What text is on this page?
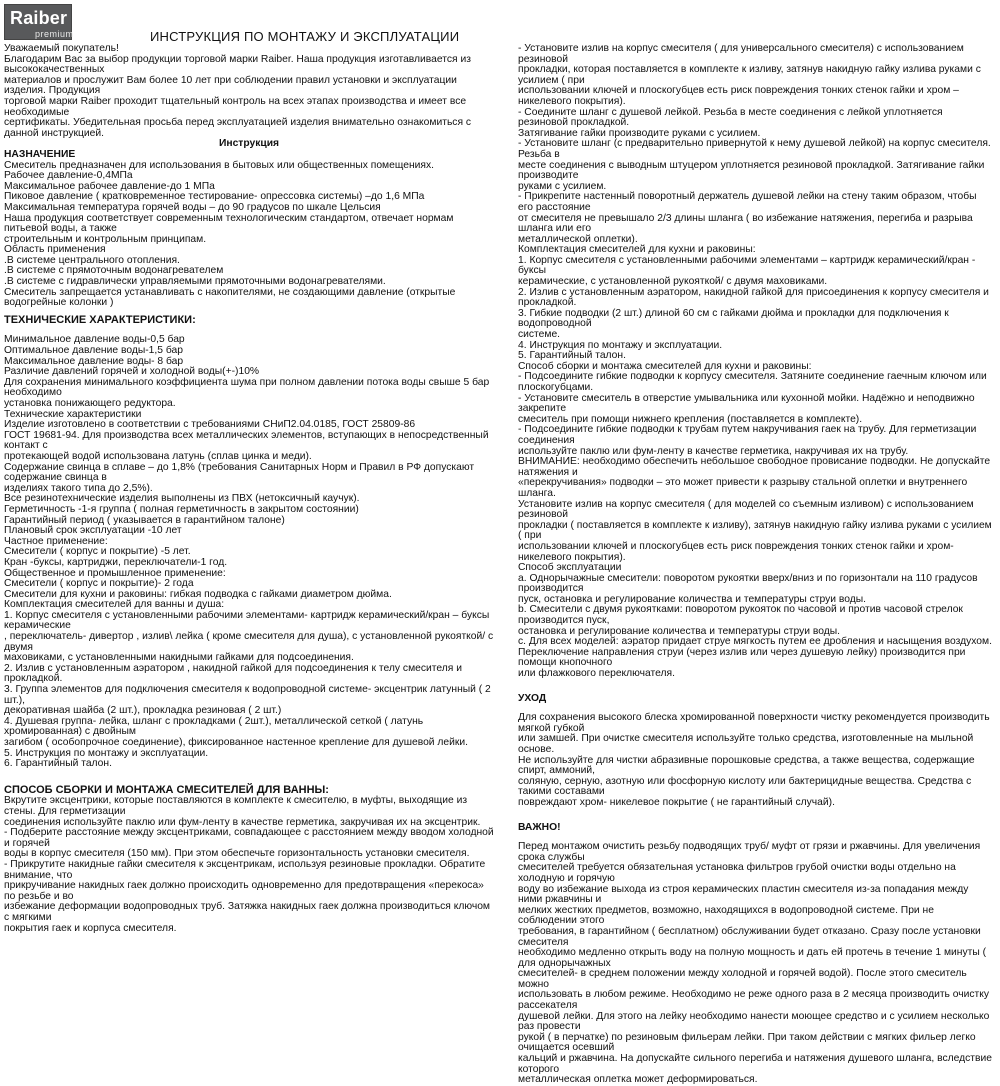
Raiber
premium	ИНСТРУКЦИЯ ПО МОНТАЖУ И ЭКСПЛУАТАЦИИ

Уважаемый покупатель!

Благодарим Вас за выбор продукции торговой марки Raiber. Наша продукция изготавливается из высококачественных

материалов и прослужит Вам более 10 лет при соблюдении правил установки и эксплуатации изделия. Продукция

торговой марки Raiber проходит тщательный контроль на всех этапах производства и имеет все необходимые

сертификаты. Убедительная просьба перед эксплуатацией изделия внимательно ознакомиться с данной инструкцией.

Инструкция

НАЗНАЧЕНИЕ

Смеситель предназначен для использования в бытовых или общественных помещениях.

Рабочее давление-0,4МПа

Максимальное рабочее давление-до 1 МПа

Пиковое давление ( кратковременное тестирование- опрессовка системы) –до 1,6 МПа

Максимальная температура горячей воды – до 90 градусов по шкале Цельсия

Наша продукция соответствует современным технологическим стандартом, отвечает нормам питьевой воды, а также

строительным и контрольным принципам.

Область применения

.В системе центрального отопления.

.В системе с прямоточным водонагревателем

.В системе с гидравлически управляемыми прямоточными водонагревателями.

Смеситель запрещается устанавливать с накопителями, не создающими давление (открытые водогрейные колонки )

ТЕХНИЧЕСКИЕ ХАРАКТЕРИСТИКИ:

Минимальное давление воды-0,5 бар

Оптимальное давление воды-1,5 бар

Максимальное давление воды- 8 бар

Различие давлений горячей и холодной воды(+-)10%

Для сохранения минимального коэффициента шума при полном давлении потока воды свыше 5 бар необходимо

установка понижающего редуктора.

Технические характеристики

Изделие изготовлено в соответствии с требованиями СНиП2.04.0185, ГОСТ 25809-86

ГОСТ 19681-94. Для производства всех металлических элементов, вступающих в непосредственный контакт с

протекающей водой использована латунь (сплав цинка и меди).

Содержание свинца в сплаве – до 1,8% (требования Санитарных Норм и Правил в РФ допускают содержание свинца в

изделиях такого типа до 2,5%).

Все резинотехнические изделия выполнены из ПВХ (нетоксичный каучук).

Герметичность -1-я группа ( полная герметичность в закрытом состоянии)

Гарантийный период ( указывается в гарантийном талоне)

Плановый срок эксплуатации -10 лет

Частное применение:

Смесители ( корпус и покрытие) -5 лет.

Кран -буксы, картриджи, переключатели-1 год.

Общественное и промышленное применение:

Смесители ( корпус и покрытие)- 2 года

Смесители для кухни и раковины: гибкая подводка с гайками диаметром дюйма.

Комплектация смесителей для ванны и душа:

1. Корпус смесителя с установленными рабочими элементами- картридж керамический/кран – буксы керамические

, переключатель- дивертор , излив\ лейка ( кроме смесителя для душа), с установленной рукояткой/ с двумя

маховиками, с установленными накидными гайками для подсоединения.

2. Излив с установленным аэратором , накидной гайкой для подсоединения к телу смесителя и прокладкой.

3. Группа элементов для подключения смесителя к водопроводной системе- эксцентрик латунный ( 2 шт.),

декоративная шайба (2 шт.), прокладка резиновая ( 2 шт.)

4. Душевая группа- лейка, шланг с прокладками ( 2шт.), металлической сеткой ( латунь хромированная) с двойным

загибом ( особопрочное соединение), фиксированное настенное крепление для душевой лейки.

5. Инструкция по монтажу и эксплуатации.

6. Гарантийный талон.

СПОСОБ СБОРКИ И МОНТАЖА СМЕСИТЕЛЕЙ ДЛЯ ВАННЫ:

Вкрутите эксцентрики, которые поставляются в комплекте к смесителю, в муфты, выходящие из стены. Для герметизации

соединения используйте паклю или фум-ленту в качестве герметика, закручивая их на эксцентрик.

- Подберите расстояние между эксцентриками, совпадающее с расстоянием между вводом холодной и горячей

воды в корпус смесителя (150 мм). При этом обеспечьте горизонтальность установки смесителя.

- Прикрутите накидные гайки смесителя к эксцентрикам, используя резиновые прокладки. Обратите внимание, что

прикручивание накидных гаек должно происходить одновременно для предотвращения «перекоса» по резьбе и во

избежание деформации водопроводных труб. Затяжка накидных гаек должна производиться ключом с мягкими

покрытия гаек и корпуса смесителя.

- Установите излив на корпус смесителя ( для универсального смесителя) с использованием резиновой

прокладки, которая поставляется в комплекте к изливу, затянув накидную гайку излива руками с усилием ( при

использовании ключей и плоскогубцев есть риск повреждения тонких стенок гайки и хром – никелевого покрытия).

- Соедините шланг с душевой лейкой. Резьба в месте соединения с лейкой уплотняется резиновой прокладкой.

Затягивание гайки производите руками с усилием.

- Установите шланг (с предварительно привернутой к нему душевой лейкой) на корпус смесителя. Резьба в

месте соединения с выводным штуцером уплотняется резиновой прокладкой. Затягивание гайки производите

руками с усилием.

- Прикрепите настенный поворотный держатель душевой лейки на стену таким образом, чтобы его расстояние

от смесителя не превышало 2/3 длины шланга ( во избежание натяжения, перегиба и разрыва шланга или его

металлической оплетки).

Комплектация смесителей для кухни и раковины:

1. Корпус смесителя с установленными рабочими элементами – картридж керамический/кран - буксы

керамические, с установленной рукояткой/ с двумя маховиками.

2. Излив с установленным аэратором, накидной гайкой для присоединения к корпусу смесителя и прокладкой.

3. Гибкие подводки (2 шт.) длиной 60 см с гайками дюйма и прокладки для подключения к водопроводной

системе.

4. Инструкция по монтажу и эксплуатации.

5. Гарантийный талон.

Способ сборки и монтажа смесителей для кухни и раковины:

- Подсоедините гибкие подводки к корпусу смесителя. Затяните соединение гаечным ключом или

плоскогубцами.

- Установите смеситель в отверстие умывальника или кухонной мойки. Надёжно и неподвижно закрепите

смеситель при помощи нижнего крепления (поставляется в комплекте).

- Подсоедините гибкие подводки к трубам путем накручивания гаек на трубу. Для герметизации соединения

используйте паклю или фум-ленту в качестве герметика, накручивая их на трубу.

ВНИМАНИЕ: необходимо обеспечить небольшое свободное провисание подводки. Не допускайте натяжения и

«перекручивания» подводки – это может привести к разрыву стальной оплетки и внутреннего шланга.

Установите излив на корпус смесителя ( для моделей со съемным изливом) с использованием резиновой

прокладки ( поставляется в комплекте к изливу), затянув накидную гайку излива руками с усилием ( при

использовании ключей и плоскогубцев есть риск повреждения тонких стенок гайки и хром- никелевого покрытия).

Способ эксплуатации

а. Однорычажные смесители: поворотом рукоятки вверх/вниз и по горизонтали на 110 градусов производится

пуск, остановка и регулирование количества и температуры струи воды.

b. Смесители с двумя рукоятками: поворотом рукояток по часовой и против часовой стрелок производится пуск,

остановка и регулирование количества и температуры струи воды.

c. Для всех моделей: аэратор придает струе мягкость путем ее дробления и насыщения воздухом.

Переключение направления струи (через излив или через душевую лейку) производится при помощи кнопочного

или флажкового переключателя.

УХОД

Для сохранения высокого блеска хромированной поверхности чистку рекомендуется производить мягкой губкой

или замшей. При очистке смесителя используйте только средства, изготовленные на мыльной основе.

Не используйте для чистки абразивные порошковые средства, а также вещества, содержащие спирт, аммоний,

соляную, серную, азотную или фосфорную кислоту или бактерицидные вещества. Средства с такими составами

повреждают хром- никелевое покрытие ( не гарантийный случай).

ВАЖНО!

Перед монтажом очистить резьбу подводящих труб/ муфт от грязи и ржавчины. Для увеличения срока службы

смесителей требуется обязательная установка фильтров грубой очистки воды отдельно на холодную и горячую

воду во избежание выхода из строя керамических пластин смесителя из-за попадания между ними ржавчины и

мелких жестких предметов, возможно, находящихся в водопроводной системе. При не соблюдении этого

требования, в гарантийном ( бесплатном) обслуживании будет отказано. Сразу после установки смесителя

необходимо медленно открыть воду на полную мощность и дать ей протечь в течение 1 минуты ( для однорычажных

смесителей- в среднем положении между холодной и горячей водой). После этого смеситель можно

использовать в любом режиме. Необходимо не реже одного раза в 2 месяца производить очистку рассекателя

душевой лейки. Для этого на лейку необходимо нанести моющее средство и с усилием несколько раз провести

рукой ( в перчатке) по резиновым фильерам лейки. При таком действии с мягких фильер легко очищается осевший

кальций и ржавчина. На допускайте сильного перегиба и натяжения душевого шланга, вследствие которого

металлическая оплетка может деформироваться.
